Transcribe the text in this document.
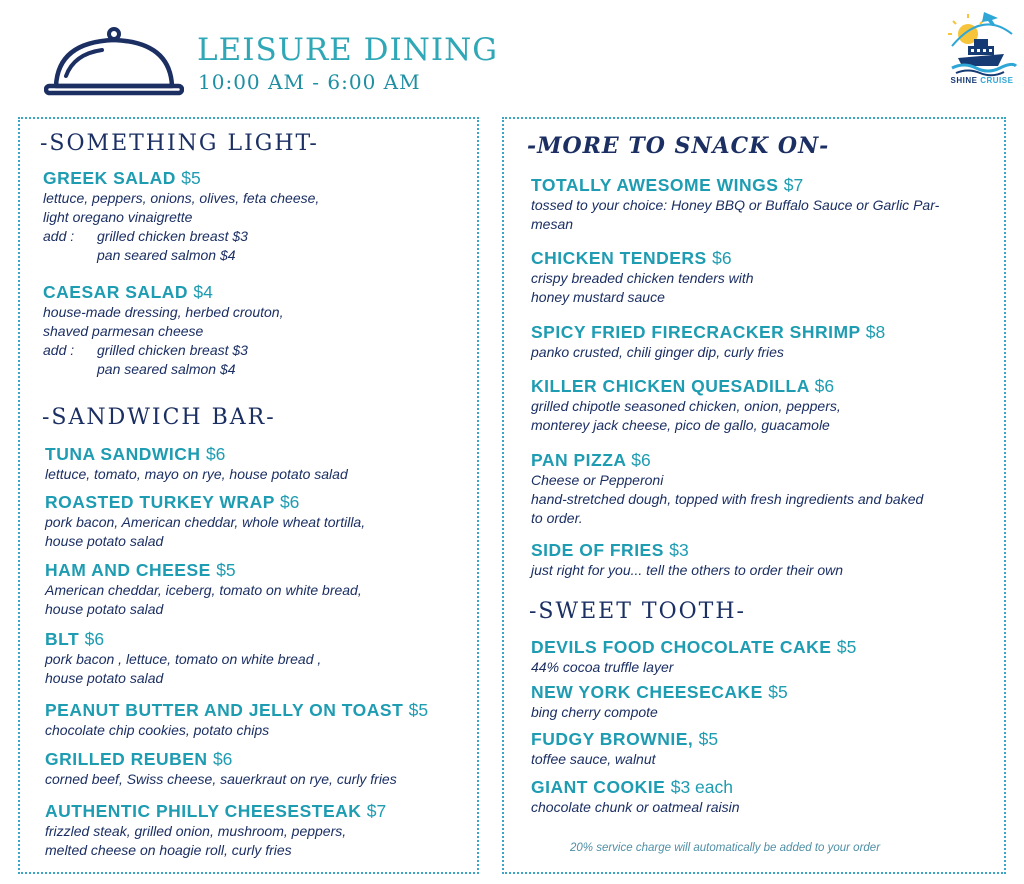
LEISURE DINING

10:00 AM - 6:00 AM	SHINE CRUISE
-SOMETHING LIGHT-
GREEK SALAD $5
lettuce, peppers, onions, olives, feta cheese,
light oregano vinaigrette
add : grilled chicken breast $3
pan seared salmon $4
CAESAR SALAD $4
house-made dressing, herbed crouton,
shaved parmesan cheese
add : grilled chicken breast $3
pan seared salmon $4
-SANDWICH BAR-
TUNA SANDWICH $6
lettuce, tomato, mayo on rye, house potato salad
ROASTED TURKEY WRAP $6
pork bacon, American cheddar, whole wheat tortilla,
house potato salad
HAM AND CHEESE $5
American cheddar, iceberg, tomato on white bread,
house potato salad
BLT $6
pork bacon , lettuce, tomato on white bread ,
house potato salad
PEANUT BUTTER AND JELLY ON TOAST $5
chocolate chip cookies, potato chips
GRILLED REUBEN $6
corned beef, Swiss cheese, sauerkraut on rye, curly fries
AUTHENTIC PHILLY CHEESESTEAK $7
frizzled steak, grilled onion, mushroom, peppers,
melted cheese on hoagie roll, curly fries
-MORE TO SNACK ON-
TOTALLY AWESOME WINGS $7
tossed to your choice: Honey BBQ or Buffalo Sauce or Garlic Par-
mesan
CHICKEN TENDERS $6
crispy breaded chicken tenders with
honey mustard sauce
SPICY FRIED FIRECRACKER SHRIMP $8
panko crusted, chili ginger dip, curly fries
KILLER CHICKEN QUESADILLA $6
grilled chipotle seasoned chicken, onion, peppers,
monterey jack cheese, pico de gallo, guacamole
PAN PIZZA $6
Cheese or Pepperoni
hand-stretched dough, topped with fresh ingredients and baked
to order.
SIDE OF FRIES $3
just right for you... tell the others to order their own
-SWEET TOOTH-
DEVILS FOOD CHOCOLATE CAKE $5
44% cocoa truffle layer
NEW YORK CHEESECAKE $5
bing cherry compote
FUDGY BROWNIE, $5
toffee sauce, walnut
GIANT COOKIE $3 each
chocolate chunk or oatmeal raisin

20% service charge will automatically be added to your order
